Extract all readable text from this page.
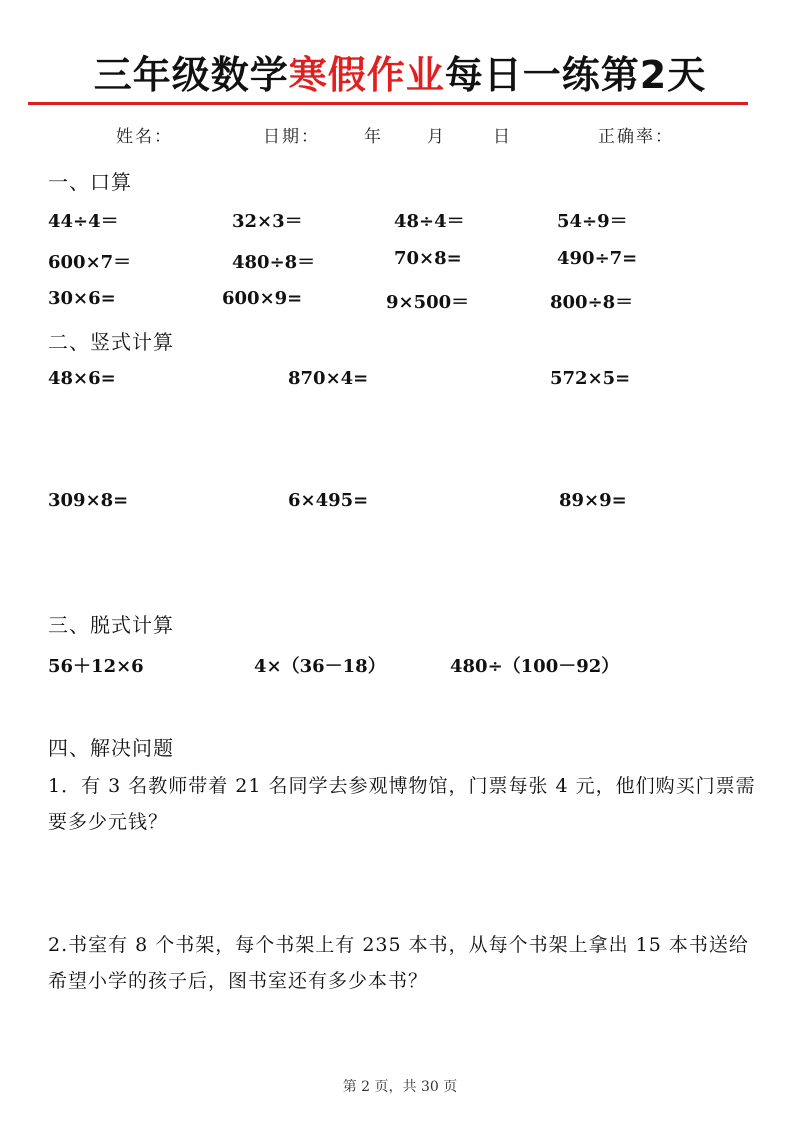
三年级数学寒假作业每日一练第2天
姓名：	日期：	年	月	日	正确率：
一、口算
44÷4＝	32×3＝	48÷4＝	54÷9＝
600×7＝	480÷8＝	70×8=	490÷7=
30×6=	600×9=	9×500＝	800÷8＝
二、竖式计算
48×6=	870×4=	572×5=
309×8=	6×495=	89×9=
三、脱式计算
56＋12×6	4×（36－18）	480÷（100－92）
四、解决问题
1．有 3 名教师带着 21 名同学去参观博物馆，门票每张 4 元，他们购买门票需要多少元钱？
2.书室有 8 个书架，每个书架上有 235 本书，从每个书架上拿出 15 本书送给希望小学的孩子后，图书室还有多少本书？
第 2 页，共 30 页
